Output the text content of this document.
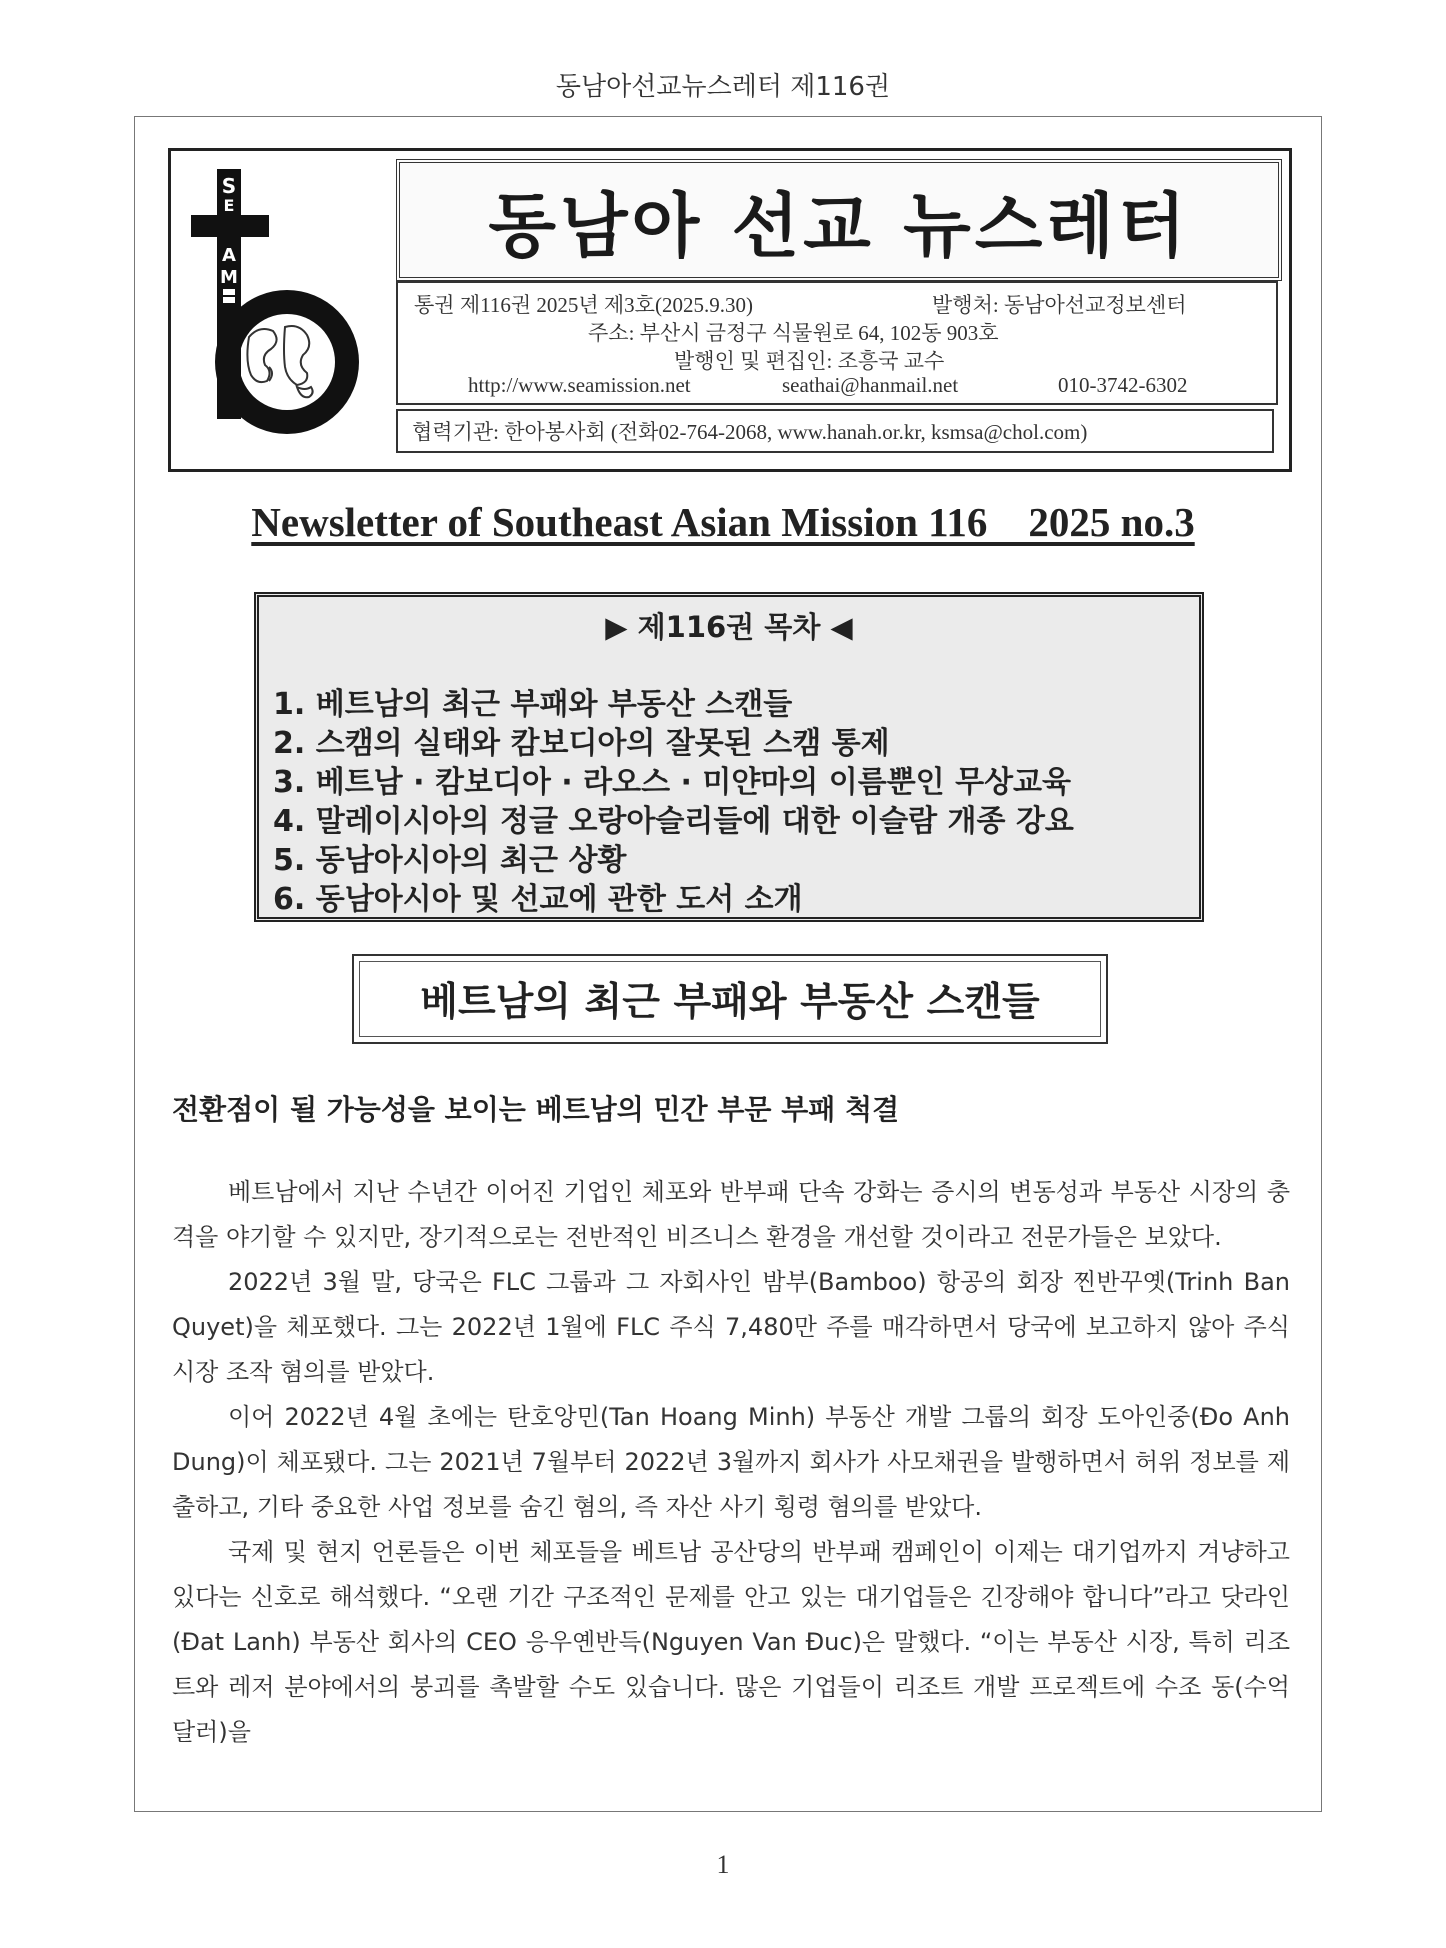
동남아선교뉴스레터 제116권
S
E
A
M
동남아 선교 뉴스레터
통권 제116권 2025년 제3호(2025.9.30)	발행처: 동남아선교정보센터
주소: 부산시 금정구 식물원로 64, 102동 903호
발행인 및 편집인: 조흥국 교수
http://www.seamission.net	seathai@hanmail.net	010-3742-6302
협력기관: 한아봉사회 (전화02-764-2068, www.hanah.or.kr, ksmsa@chol.com)
Newsletter of Southeast Asian Mission 116    2025 no.3
▶ 제116권 목차 ◀
1. 베트남의 최근 부패와 부동산 스캔들
2. 스캠의 실태와 캄보디아의 잘못된 스캠 통제
3. 베트남 · 캄보디아 · 라오스 · 미얀마의 이름뿐인 무상교육
4. 말레이시아의 정글 오랑아슬리들에 대한 이슬람 개종 강요
5. 동남아시아의 최근 상황
6. 동남아시아 및 선교에 관한 도서 소개
베트남의 최근 부패와 부동산 스캔들
전환점이 될 가능성을 보이는 베트남의 민간 부문 부패 척결

베트남에서 지난 수년간 이어진 기업인 체포와 반부패 단속 강화는 증시의 변동성과 부동산 시장의 충격을 야기할 수 있지만, 장기적으로는 전반적인 비즈니스 환경을 개선할 것이라고 전문가들은 보았다.

2022년 3월 말, 당국은 FLC 그룹과 그 자회사인 밤부(Bamboo) 항공의 회장 찐반꾸옛(Trinh Ban Quyet)을 체포했다. 그는 2022년 1월에 FLC 주식 7,480만 주를 매각하면서 당국에 보고하지 않아 주식 시장 조작 혐의를 받았다.

이어 2022년 4월 초에는 탄호앙민(Tan Hoang Minh) 부동산 개발 그룹의 회장 도아인중(Đo Anh Dung)이 체포됐다. 그는 2021년 7월부터 2022년 3월까지 회사가 사모채권을 발행하면서 허위 정보를 제출하고, 기타 중요한 사업 정보를 숨긴 혐의, 즉 자산 사기 횡령 혐의를 받았다.

국제 및 현지 언론들은 이번 체포들을 베트남 공산당의 반부패 캠페인이 이제는 대기업까지 겨냥하고 있다는 신호로 해석했다. “오랜 기간 구조적인 문제를 안고 있는 대기업들은 긴장해야 합니다”라고 닷라인(Đat Lanh) 부동산 회사의 CEO 응우옌반득(Nguyen Van Đuc)은 말했다. “이는 부동산 시장, 특히 리조트와 레저 분야에서의 붕괴를 촉발할 수도 있습니다. 많은 기업들이 리조트 개발 프로젝트에 수조 동(수억 달러)을

1
